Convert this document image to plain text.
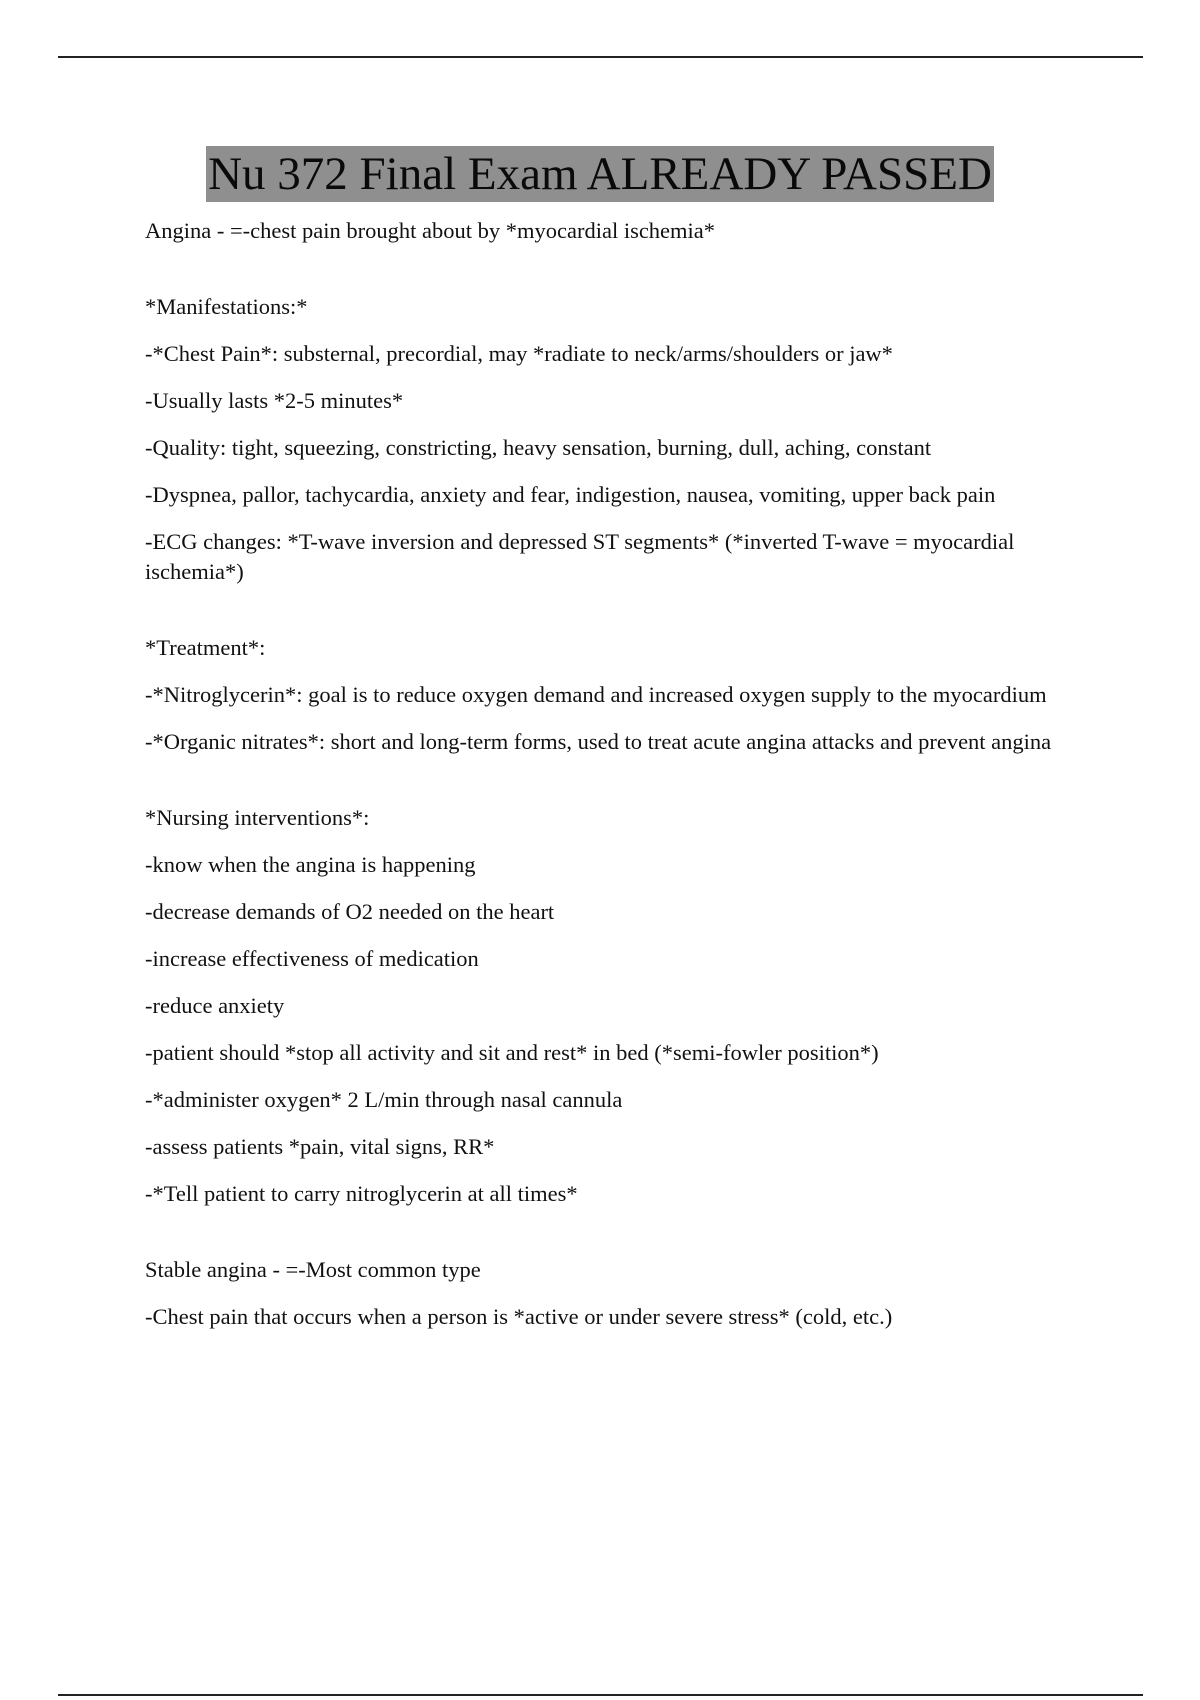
Nu 372 Final Exam ALREADY PASSED

Angina - =-chest pain brought about by *myocardial ischemia*

*Manifestations:*

-*Chest Pain*: substernal, precordial, may *radiate to neck/arms/shoulders or jaw*

-Usually lasts *2-5 minutes*

-Quality: tight, squeezing, constricting, heavy sensation, burning, dull, aching, constant

-Dyspnea, pallor, tachycardia, anxiety and fear, indigestion, nausea, vomiting, upper back pain

-ECG changes: *T-wave inversion and depressed ST segments* (*inverted T-wave = myocardial ischemia*)

*Treatment*:

-*Nitroglycerin*: goal is to reduce oxygen demand and increased oxygen supply to the myocardium

-*Organic nitrates*: short and long-term forms, used to treat acute angina attacks and prevent angina

*Nursing interventions*:

-know when the angina is happening

-decrease demands of O2 needed on the heart

-increase effectiveness of medication

-reduce anxiety

-patient should *stop all activity and sit and rest* in bed (*semi-fowler position*)

-*administer oxygen* 2 L/min through nasal cannula

-assess patients *pain, vital signs, RR*

-*Tell patient to carry nitroglycerin at all times*

Stable angina - =-Most common type

-Chest pain that occurs when a person is *active or under severe stress* (cold, etc.)
